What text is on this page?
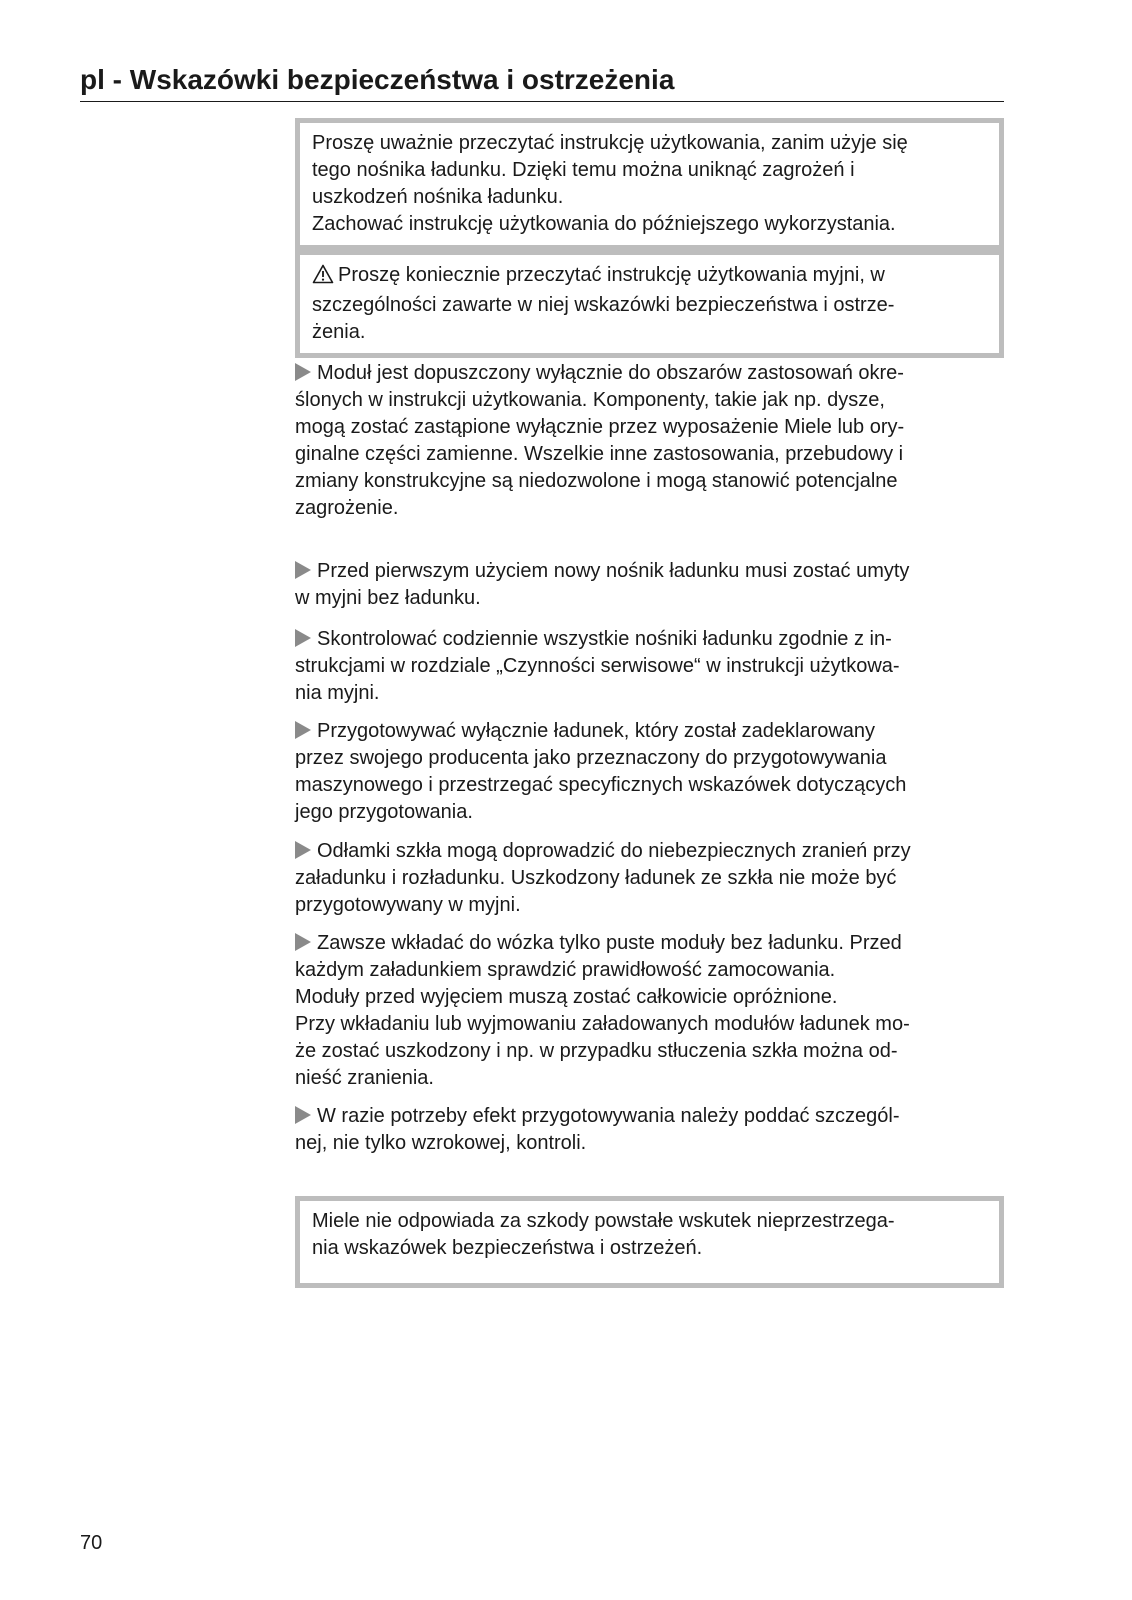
pl - Wskazówki bezpieczeństwa i ostrzeżenia

Proszę uważnie przeczytać instrukcję użytkowania, zanim użyje się

tego nośnika ładunku. Dzięki temu można uniknąć zagrożeń i

uszkodzeń nośnika ładunku.

Zachować instrukcję użytkowania do późniejszego wykorzystania.

Proszę koniecznie przeczytać instrukcję użytkowania myjni, w

szczególności zawarte w niej wskazówki bezpieczeństwa i ostrze-

żenia.

Moduł jest dopuszczony wyłącznie do obszarów zastosowań okre-
ślonych w instrukcji użytkowania. Komponenty, takie jak np. dysze,
mogą zostać zastąpione wyłącznie przez wyposażenie Miele lub ory-
ginalne części zamienne. Wszelkie inne zastosowania, przebudowy i
zmiany konstrukcyjne są niedozwolone i mogą stanowić potencjalne
zagrożenie.
Przed pierwszym użyciem nowy nośnik ładunku musi zostać umyty
w myjni bez ładunku.
Skontrolować codziennie wszystkie nośniki ładunku zgodnie z in-
strukcjami w rozdziale „Czynności serwisowe“ w instrukcji użytkowa-
nia myjni.
Przygotowywać wyłącznie ładunek, który został zadeklarowany
przez swojego producenta jako przeznaczony do przygotowywania
maszynowego i przestrzegać specyficznych wskazówek dotyczących
jego przygotowania.
Odłamki szkła mogą doprowadzić do niebezpiecznych zranień przy
załadunku i rozładunku. Uszkodzony ładunek ze szkła nie może być
przygotowywany w myjni.
Zawsze wkładać do wózka tylko puste moduły bez ładunku. Przed
każdym załadunkiem sprawdzić prawidłowość zamocowania.
Moduły przed wyjęciem muszą zostać całkowicie opróżnione.
Przy wkładaniu lub wyjmowaniu załadowanych modułów ładunek mo-
że zostać uszkodzony i np. w przypadku stłuczenia szkła można od-
nieść zranienia.
W razie potrzeby efekt przygotowywania należy poddać szczegól-
nej, nie tylko wzrokowej, kontroli.

Miele nie odpowiada za szkody powstałe wskutek nieprzestrzega-

nia wskazówek bezpieczeństwa i ostrzeżeń.

70
